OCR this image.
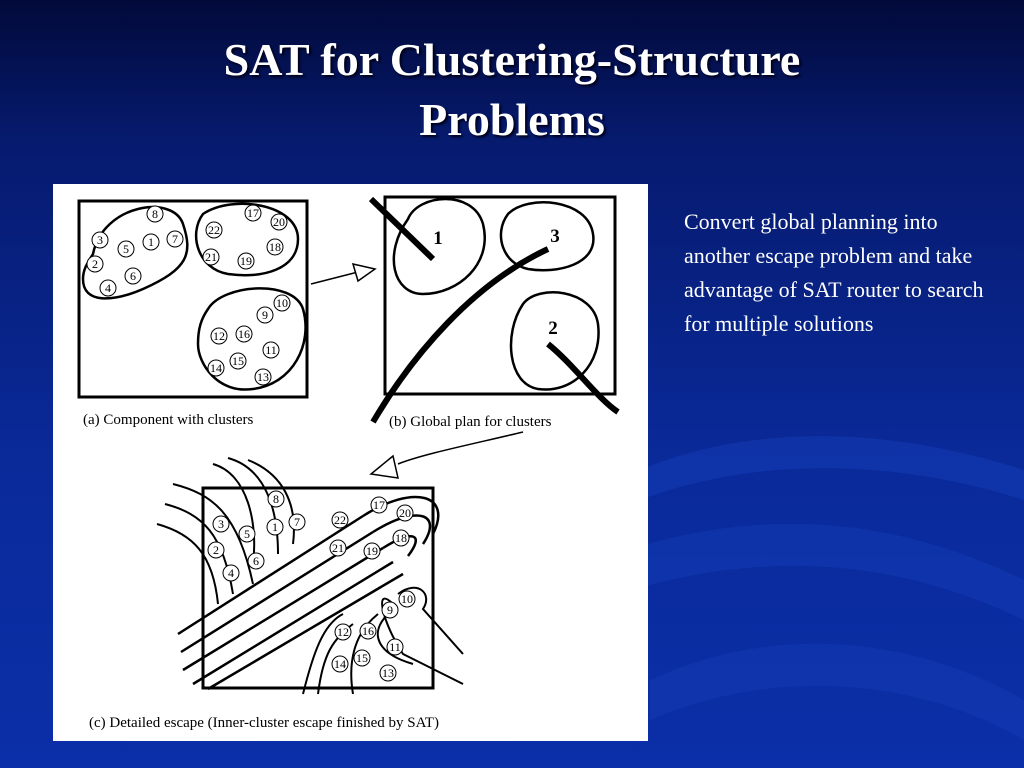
SAT for Clustering-Structure
Problems
1	3
2
8
3
5 1 7
2
6
4
17
20
22
18
21 19
10
9
12 16
11
15
14
13
8
3
5 1 7
2
6
4
17
20
22
18
21 19
10
9
12 16
11
15
14
13
(a) Component with clusters	(b) Global plan for clusters
(c) Detailed escape (Inner-cluster escape finished by SAT)
Convert global planning into another escape problem and take advantage of SAT router to search for multiple solutions
